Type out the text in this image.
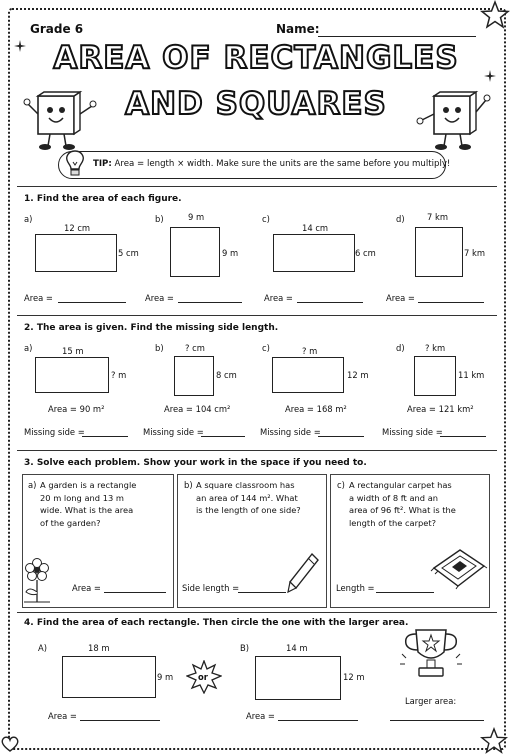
Grade 6	Name:
AREA OF RECTANGLES
AND SQUARES
TIP: Area = length × width. Make sure the units are the same before you multiply!
1. Find the area of each figure.
a)
12 cm
5 cm
Area =
b)	9 m
9 m
Area =
c)
14 cm
6 cm
Area =
d)	7 km
7 km
Area =
2. The area is given. Find the missing side length.
a)	15 m
? m
Area = 90 m²
Missing side =
b)	? cm
8 cm
Area = 104 cm²
Missing side =
c)	? m
12 m
Area = 168 m²
Missing side =
d) ? km
11 km
Area = 121 km²
Missing side =
3. Solve each problem. Show your work in the space if you need to.
a) A garden is a rectangle 20 m long and 13 m wide. What is the area of the garden?
Area =
b) A square classroom has an area of 144 m². What is the length of one side?
Side length =
c) A rectangular carpet has a width of 8 ft and an area of 96 ft². What is the length of the carpet?
Length =
4. Find the area of each rectangle. Then circle the one with the larger area.
A)	18 m
9 m
Area =
or
B)	14 m
12 m
Area =
Larger area:
